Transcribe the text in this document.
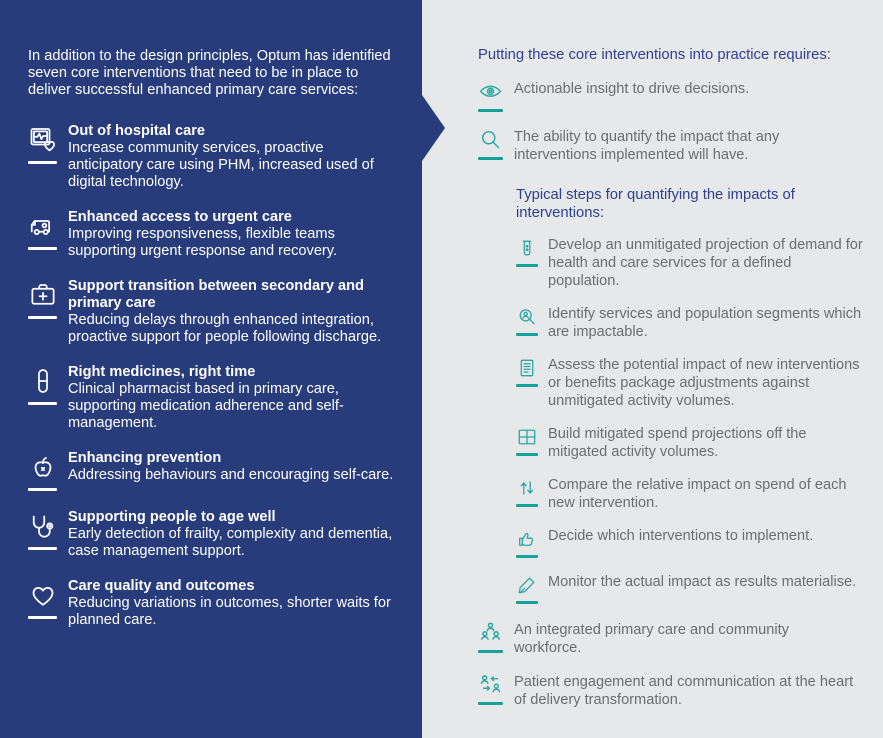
In addition to the design principles, Optum has identified seven core interventions that need to be in place to deliver successful enhanced primary care services:

Out of hospital care
Increase community services, proactive anticipatory care using PHM, increased used of digital technology.
Enhanced access to urgent care
Improving responsiveness, flexible teams supporting urgent response and recovery.
Support transition between secondary and primary care
Reducing delays through enhanced integration, proactive support for people following discharge.
Right medicines, right time
Clinical pharmacist based in primary care, supporting medication adherence and self-management.
Enhancing prevention
Addressing behaviours and encouraging self-care.
Supporting people to age well
Early detection of frailty, complexity and dementia, case management support.
Care quality and outcomes
Reducing variations in outcomes, shorter waits for planned care.

Putting these core interventions into practice requires:

Actionable insight to drive decisions.
The ability to quantify the impact that any interventions implemented will have.

Typical steps for quantifying the impacts of interventions:

Develop an unmitigated projection of demand for health and care services for a defined population.
Identify services and population segments which are impactable.
Assess the potential impact of new interventions or benefits package adjustments against unmitigated activity volumes.
Build mitigated spend projections off the mitigated activity volumes.
Compare the relative impact on spend of each new intervention.
Decide which interventions to implement.
Monitor the actual impact as results materialise.
An integrated primary care and community workforce.
Patient engagement and communication at the heart of delivery transformation.
